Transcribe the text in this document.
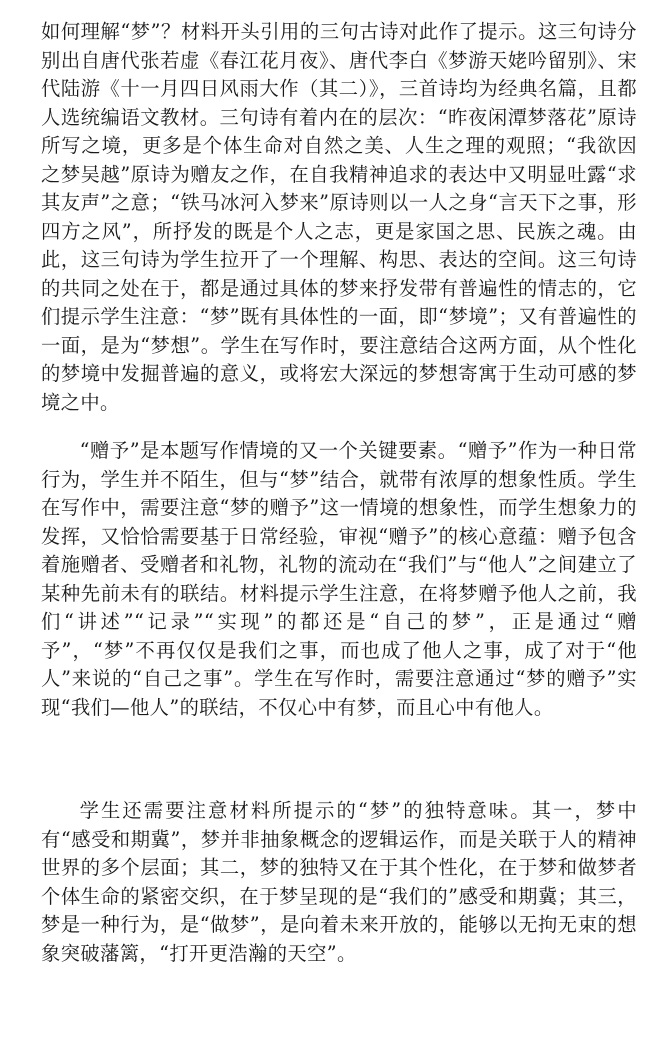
如何理解“梦”？材料开头引用的三句古诗对此作了提示。这三句诗分别出自唐代张若虚《春江花月夜》、唐代李白《梦游天姥吟留别》、宋代陆游《十一月四日风雨大作（其二）》，三首诗均为经典名篇，且都人选统编语文教材。三句诗有着内在的层次：“昨夜闲潭梦落花”原诗所写之境，更多是个体生命对自然之美、人生之理的观照；“我欲因之梦吴越”原诗为赠友之作，在自我精神追求的表达中又明显吐露“求其友声”之意；“铁马冰河入梦来”原诗则以一人之身“言天下之事，形四方之风”，所抒发的既是个人之志，更是家国之思、民族之魂。由此，这三句诗为学生拉开了一个理解、构思、表达的空间。这三句诗的共同之处在于，都是通过具体的梦来抒发带有普遍性的情志的，它们提示学生注意：“梦”既有具体性的一面，即“梦境”；又有普遍性的一面，是为“梦想”。学生在写作时，要注意结合这两方面，从个性化的梦境中发掘普遍的意义，或将宏大深远的梦想寄寓于生动可感的梦境之中。

“赠予”是本题写作情境的又一个关键要素。“赠予”作为一种日常行为，学生并不陌生，但与“梦”结合，就带有浓厚的想象性质。学生在写作中，需要注意“梦的赠予”这一情境的想象性，而学生想象力的发挥，又恰恰需要基于日常经验，审视“赠予”的核心意蕴：赠予包含着施赠者、受赠者和礼物，礼物的流动在“我们”与“他人”之间建立了某种先前未有的联结。材料提示学生注意，在将梦赠予他人之前，我们“讲述”“记录”“实现”的都还是“自己的梦”，正是通过“赠予”，“梦”不再仅仅是我们之事，而也成了他人之事，成了对于“他人”来说的“自己之事”。学生在写作时，需要注意通过“梦的赠予”实现“我们—他人”的联结，不仅心中有梦，而且心中有他人。

学生还需要注意材料所提示的“梦”的独特意味。其一，梦中有“感受和期冀”，梦并非抽象概念的逻辑运作，而是关联于人的精神世界的多个层面；其二，梦的独特又在于其个性化，在于梦和做梦者个体生命的紧密交织，在于梦呈现的是“我们的”感受和期冀；其三，梦是一种行为，是“做梦”，是向着未来开放的，能够以无拘无束的想象突破藩篱，“打开更浩瀚的天空”。
